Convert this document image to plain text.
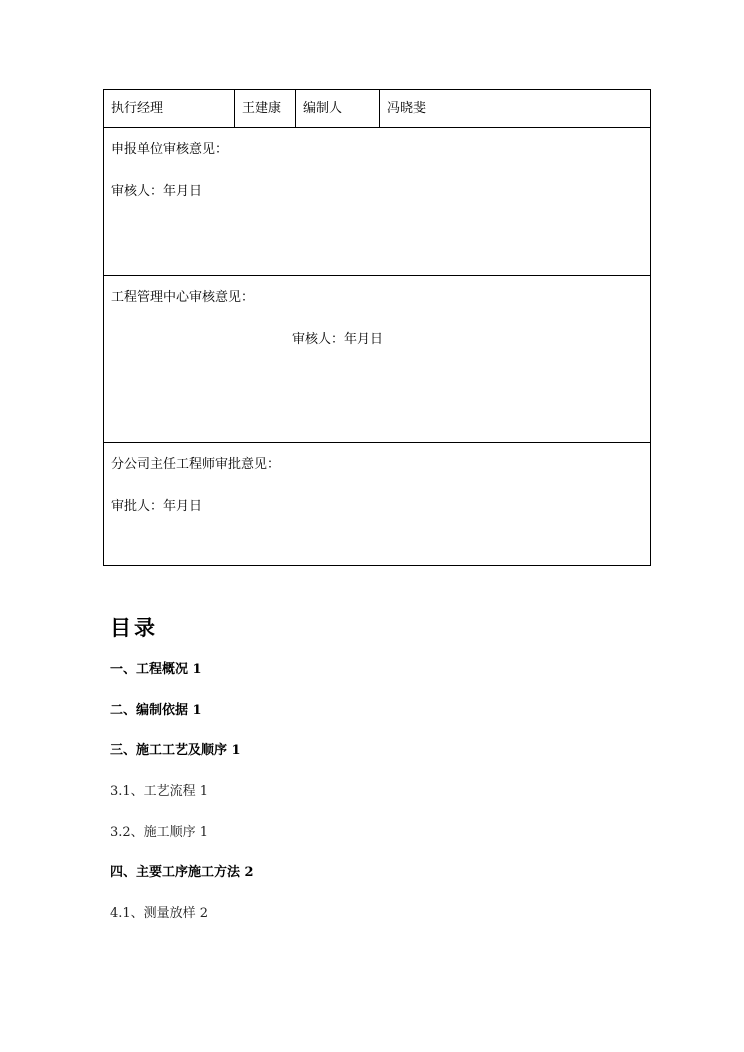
执行经理	王建康	编制人	冯晓斐

申报单位审核意见：
审核人：年月日

工程管理中心审核意见：
审核人：年月日

分公司主任工程师审批意见：
审批人：年月日
目录

一、工程概况 1

二、编制依据 1

三、施工工艺及顺序 1

3.1、工艺流程 1

3.2、施工顺序 1

四、主要工序施工方法 2

4.1、测量放样 2
